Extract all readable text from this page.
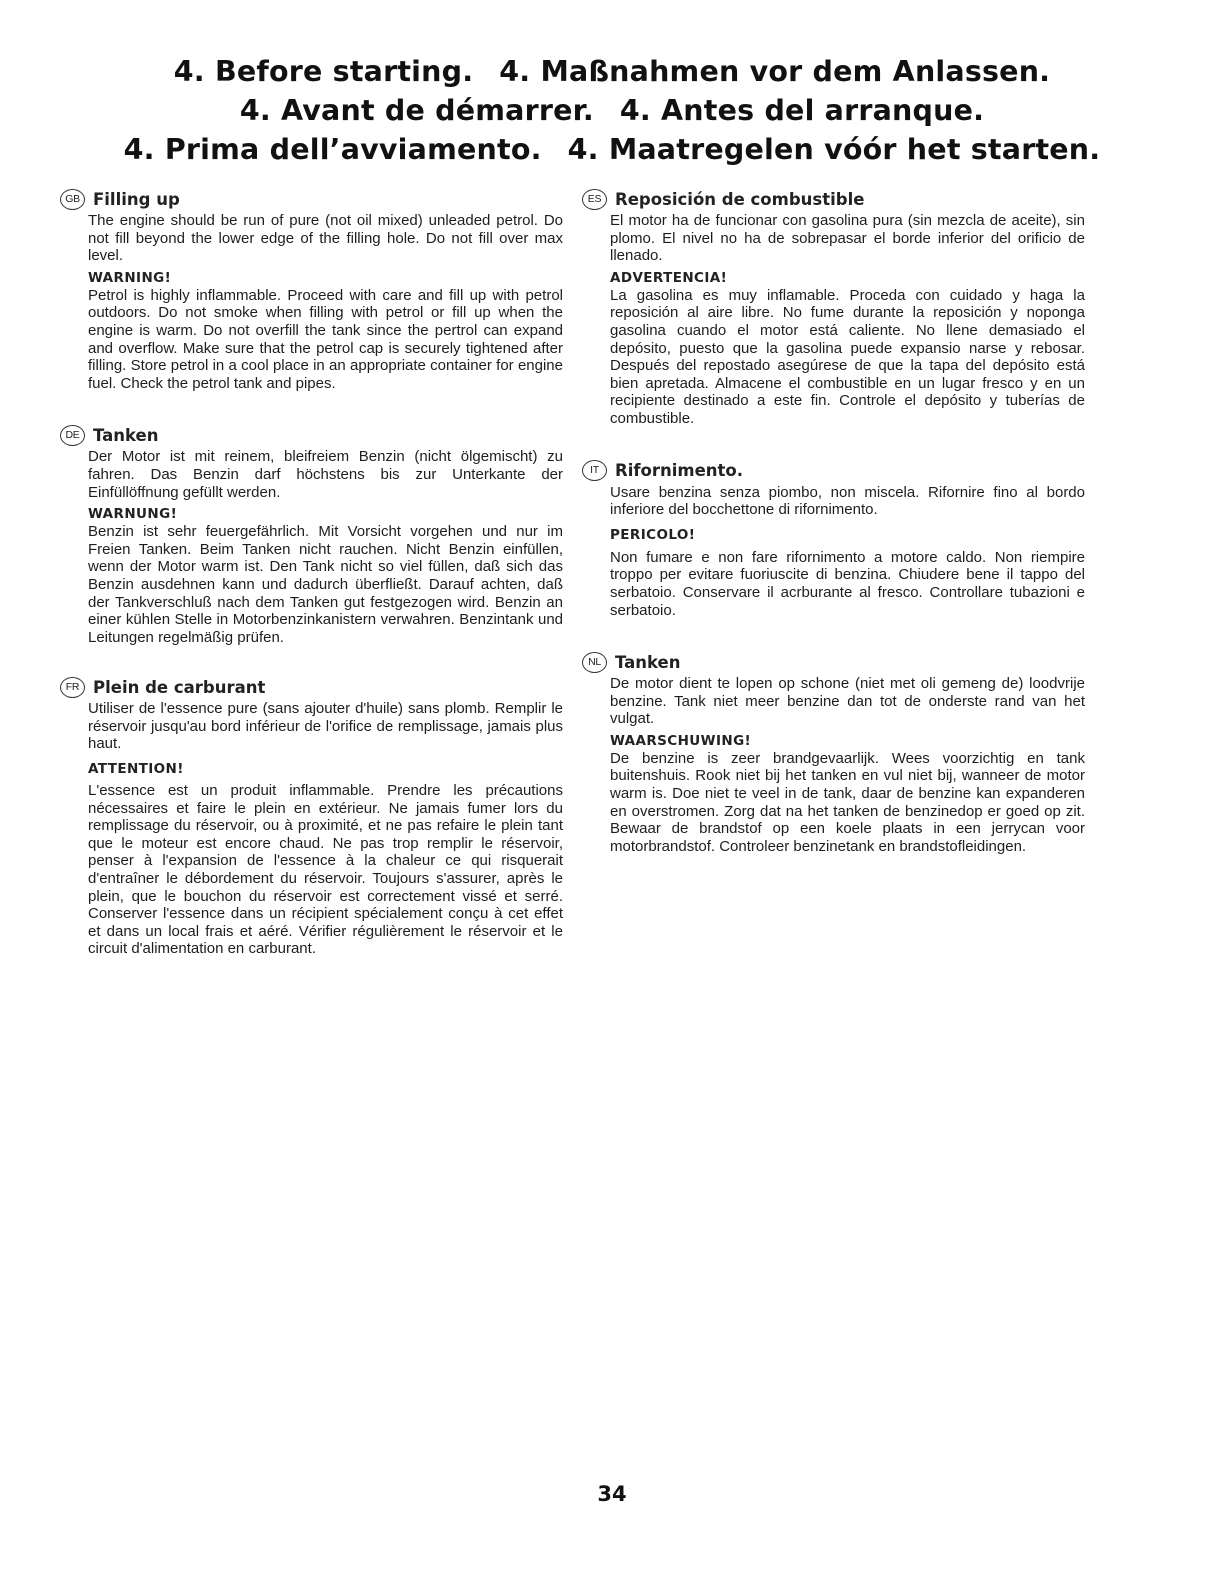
4. Before starting. 4. Maßnahmen vor dem Anlassen.
4. Avant de démarrer. 4. Antes del arranque.
4. Prima dell’avviamento. 4. Maatregelen vóór het starten.
GB Filling up

The engine should be run of pure (not oil mixed) unleaded petrol. Do not fill beyond the lower edge of the filling hole. Do not fill over max level.

WARNING!

Petrol is highly inflammable. Proceed with care and fill up with petrol outdoors. Do not smoke when filling with petrol or fill up when the engine is warm. Do not overfill the tank since the pertrol can expand and overflow. Make sure that the petrol cap is securely tightened after filling. Store petrol in a cool place in an appropriate container for engine fuel. Check the petrol tank and pipes.

DE Tanken

Der Motor ist mit reinem, bleifreiem Benzin (nicht ölgemischt) zu fahren. Das Benzin darf höchstens bis zur Unterkante der Einfüllöffnung gefüllt werden.

WARNUNG!

Benzin ist sehr feuergefährlich. Mit Vorsicht vorgehen und nur im Freien Tanken. Beim Tanken nicht rauchen. Nicht Benzin einfüllen, wenn der Motor warm ist. Den Tank nicht so viel füllen, daß sich das Benzin ausdehnen kann und dadurch überfließt. Darauf achten, daß der Tankverschluß nach dem Tanken gut festgezogen wird. Benzin an einer kühlen Stelle in Motorbenzinkanistern verwahren. Benzintank und Leitungen regelmäßig prüfen.

FR Plein de carburant

Utiliser de l'essence pure (sans ajouter d'huile) sans plomb. Remplir le réservoir jusqu'au bord inférieur de l'orifice de remplissage, jamais plus haut.

ATTENTION!

L'essence est un produit inflammable. Prendre les précautions nécessaires et faire le plein en extérieur. Ne jamais fumer lors du remplissage du réservoir, ou à proximité, et ne pas refaire le plein tant que le moteur est encore chaud. Ne pas trop remplir le réservoir, penser à l'expansion de l'essence à la chaleur ce qui risquerait d'entraîner le débordement du réservoir. Toujours s'assurer, après le plein, que le bouchon du réservoir est correctement vissé et serré. Conserver l'essence dans un récipient spécialement conçu à cet effet et dans un local frais et aéré. Vérifier régulièrement le réservoir et le circuit d'alimentation en carburant.

ES Reposición de combustible

El motor ha de funcionar con gasolina pura (sin mezcla de aceite), sin plomo. El nivel no ha de sobrepasar el borde inferior del orificio de llenado.

ADVERTENCIA!

La gasolina es muy inflamable. Proceda con cuidado y haga la reposición al aire libre. No fume durante la reposición y noponga gasolina cuando el motor está caliente. No llene demasiado el depósito, puesto que la gasolina puede expansio narse y rebosar. Después del repostado asegúrese de que la tapa del depósito está bien apretada. Almacene el combustible en un lugar fresco y en un recipiente destinado a este fin. Controle el depósito y tuberías de combustible.

IT Rifornimento.

Usare benzina senza piombo, non miscela. Rifornire fino al bordo inferiore del bocchettone di rifornimento.

PERICOLO!

Non fumare e non fare rifornimento a motore caldo. Non riempire troppo per evitare fuoriuscite di benzina. Chiudere bene il tappo del serbatoio. Conservare il acrburante al fresco. Controllare tubazioni e serbatoio.

NL Tanken

De motor dient te lopen op schone (niet met oli gemeng de) loodvrije benzine. Tank niet meer benzine dan tot de onderste rand van het vulgat.

WAARSCHUWING!

De benzine is zeer brandgevaarlijk. Wees voorzichtig en tank buitenshuis. Rook niet bij het tanken en vul niet bij, wanneer de motor warm is. Doe niet te veel in de tank, daar de benzine kan expanderen en overstromen. Zorg dat na het tanken de benzinedop er goed op zit. Bewaar de brandstof op een koele plaats in een jerrycan voor motorbrandstof. Controleer benzinetank en brandstofleidingen.

34
